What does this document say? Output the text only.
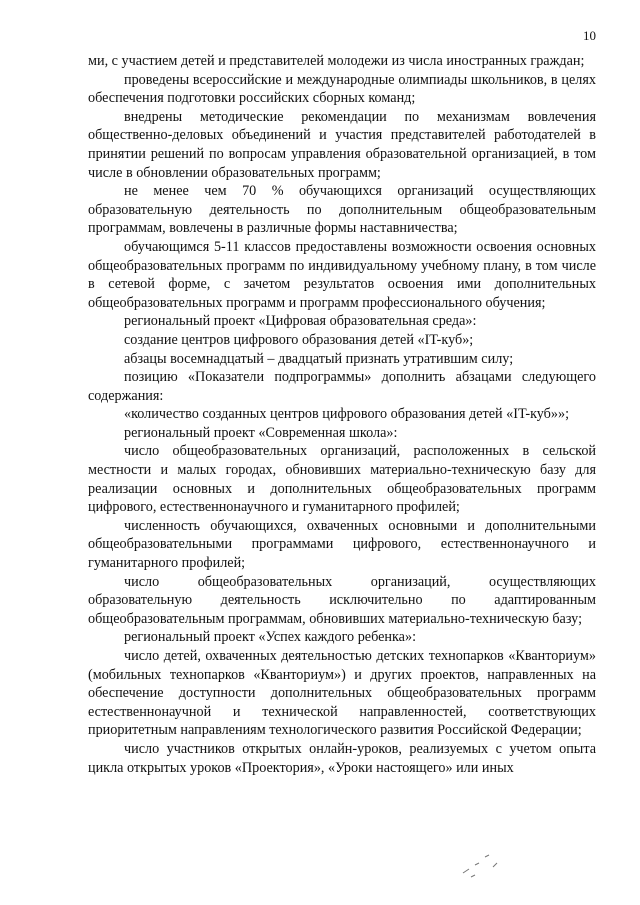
10

ми, с участием детей и представителей молодежи из числа иностранных граждан;

проведены всероссийские и международные олимпиады школьников, в целях обеспечения подготовки российских сборных команд;

внедрены методические рекомендации по механизмам вовлечения общественно-деловых объединений и участия представителей работодателей в принятии решений по вопросам управления образовательной организацией, в том числе в обновлении образовательных программ;

не менее чем 70 % обучающихся организаций осуществляющих образовательную деятельность по дополнительным общеобразовательным программам, вовлечены в различные формы наставничества;

обучающимся 5-11 классов предоставлены возможности освоения основных общеобразовательных программ по индивидуальному учебному плану, в том числе в сетевой форме, с зачетом результатов освоения ими дополнительных общеобразовательных программ и программ профессионального обучения;

региональный проект «Цифровая образовательная среда»:

создание центров цифрового образования детей «IT-куб»;

абзацы восемнадцатый – двадцатый признать утратившим силу;

позицию «Показатели подпрограммы» дополнить абзацами следующего содержания:

«количество созданных центров цифрового образования детей «IT-куб»»;

региональный проект «Современная школа»:

число общеобразовательных организаций, расположенных в сельской местности и малых городах, обновивших материально-техническую базу для реализации основных и дополнительных общеобразовательных программ цифрового, естественнонаучного и гуманитарного профилей;

численность обучающихся, охваченных основными и дополнительными общеобразовательными программами цифрового, естественнонаучного и гуманитарного профилей;

число общеобразовательных организаций, осуществляющих образовательную деятельность исключительно по адаптированным общеобразовательным программам, обновивших материально-техническую базу;

региональный проект «Успех каждого ребенка»:

число детей, охваченных деятельностью детских технопарков «Кванториум» (мобильных технопарков «Кванториум») и других проектов, направленных на обеспечение доступности дополнительных общеобразовательных программ естественнонаучной и технической направленностей, соответствующих приоритетным направлениям технологического развития Российской Федерации;

число участников открытых онлайн-уроков, реализуемых с учетом опыта цикла открытых уроков «Проектория», «Уроки настоящего» или иных
